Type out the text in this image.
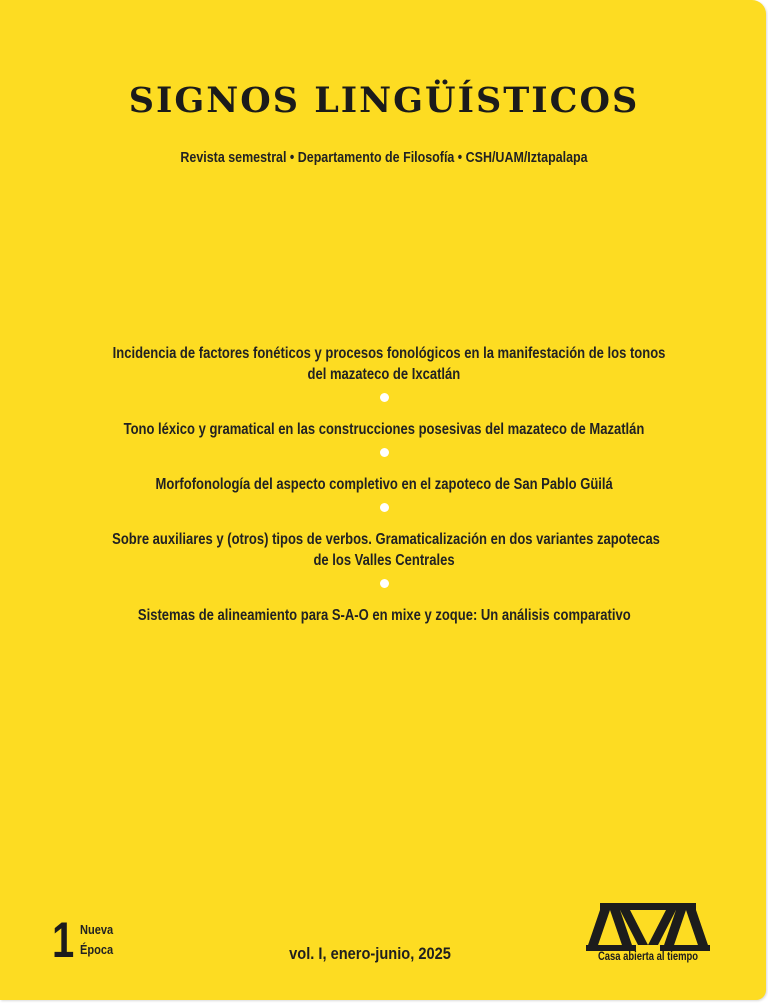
SIGNOS LINGÜÍSTICOS
Revista semestral • Departamento de Filosofía • CSH/UAM/Iztapalapa
Incidencia de factores fonéticos y procesos fonológicos en la manifestación de los tonos
del mazateco de Ixcatlán
Tono léxico y gramatical en las construcciones posesivas del mazateco de Mazatlán
Morfofonología del aspecto completivo en el zapoteco de San Pablo Güilá
Sobre auxiliares y (otros) tipos de verbos. Gramaticalización en dos variantes zapotecas
de los Valles Centrales
Sistemas de alineamiento para S-A-O en mixe y zoque: Un análisis comparativo
1 Nueva
Época	vol. I, enero-junio, 2025	Casa abierta al tiempo
